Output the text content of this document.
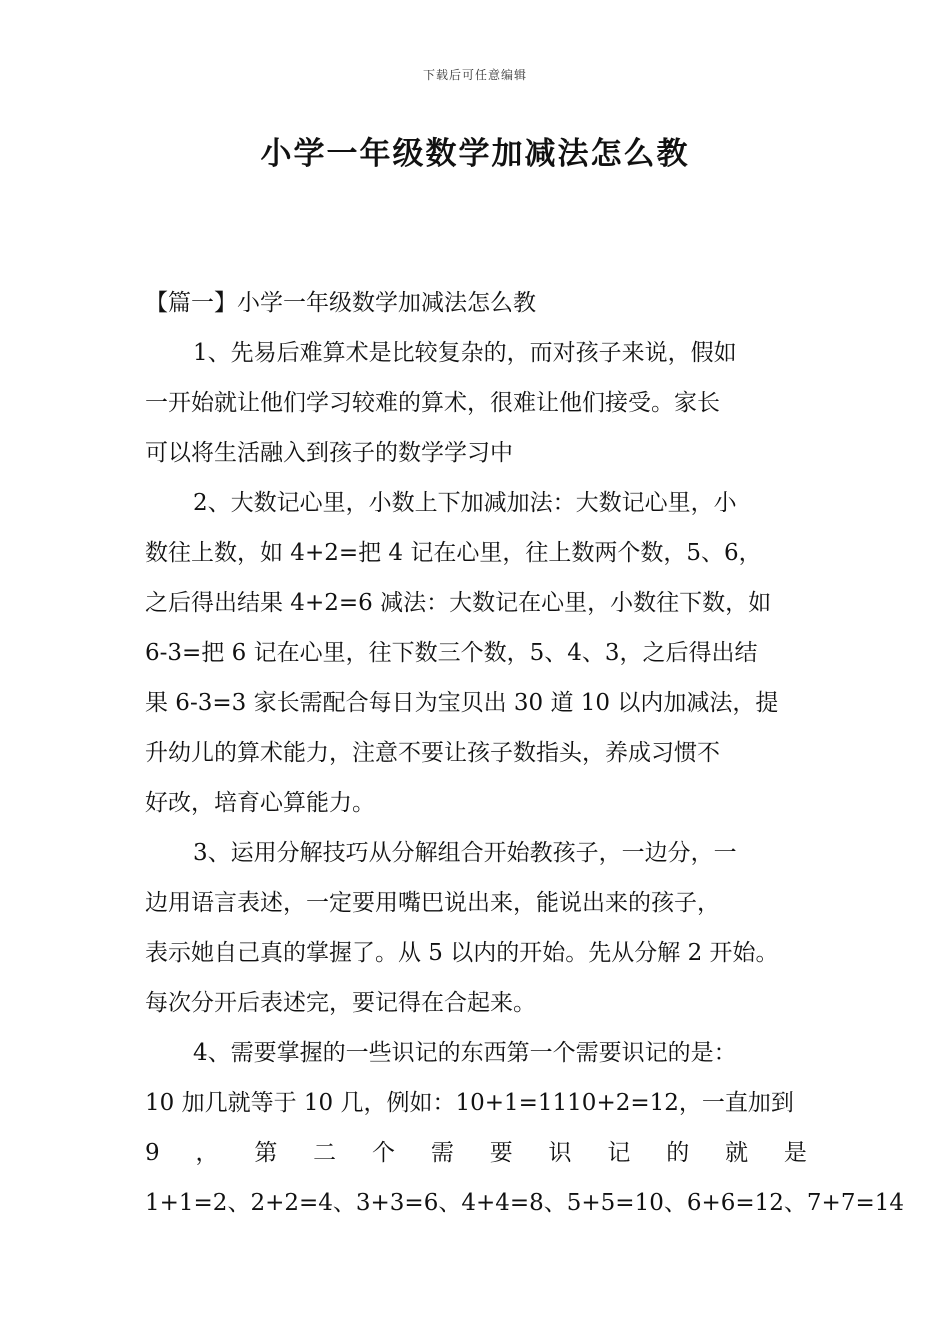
下载后可任意编辑
小学一年级数学加减法怎么教

【篇一】小学一年级数学加减法怎么教

1、先易后难算术是比较复杂的，而对孩子来说，假如

一开始就让他们学习较难的算术，很难让他们接受。家长

可以将生活融入到孩子的数学学习中

2、大数记心里，小数上下加减加法：大数记心里，小

数往上数，如 4+2=把 4 记在心里，往上数两个数，5、6，

之后得出结果 4+2=6 减法：大数记在心里，小数往下数，如

6-3=把 6 记在心里，往下数三个数，5、4、3，之后得出结

果 6-3=3 家长需配合每日为宝贝出 30 道 10 以内加减法，提

升幼儿的算术能力，注意不要让孩子数指头，养成习惯不

好改，培育心算能力。

3、运用分解技巧从分解组合开始教孩子，一边分，一

边用语言表述，一定要用嘴巴说出来，能说出来的孩子，

表示她自己真的掌握了。从 5 以内的开始。先从分解 2 开始。

每次分开后表述完，要记得在合起来。

4、需要掌握的一些识记的东西第一个需要识记的是：

10 加几就等于 10 几，例如：10+1=1110+2=12，一直加到

9 ， 第 二 个 需 要 识 记 的 就 是

1+1=2、2+2=4、3+3=6、4+4=8、5+5=10、6+6=12、7+7=14
